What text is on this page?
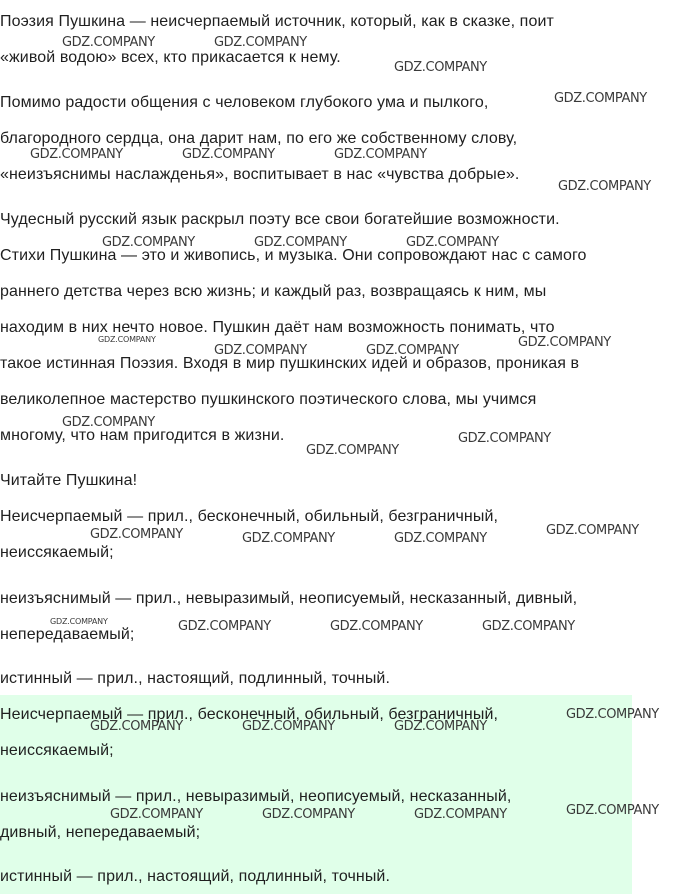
Поэзия Пушкина — неисчерпаемый источник, который, как в сказке, поит
«живой водою» всех, кто прикасается к нему.
Помимо радости общения с человеком глубокого ума и пылкого,
благородного сердца, она дарит нам, по его же собственному слову,
«неизъяснимы наслажденья», воспитывает в нас «чувства добрые».
Чудесный русский язык раскрыл поэту все свои богатейшие возможности.
Стихи Пушкина — это и живопись, и музыка. Они сопровождают нас с самого
раннего детства через всю жизнь; и каждый раз, возвращаясь к ним, мы
находим в них нечто новое. Пушкин даёт нам возможность понимать, что
такое истинная Поэзия. Входя в мир пушкинских идей и образов, проникая в
великолепное мастерство пушкинского поэтического слова, мы учимся
многому, что нам пригодится в жизни.
Читайте Пушкина!
Неисчерпаемый — прил., бесконечный, обильный, безграничный,
неиссякаемый;
неизъяснимый — прил., невыразимый, неописуемый, несказанный, дивный,
непередаваемый;
истинный — прил., настоящий, подлинный, точный.
Неисчерпаемый — прил., бесконечный, обильный, безграничный,
неиссякаемый;
неизъяснимый — прил., невыразимый, неописуемый, несказанный,
дивный, непередаваемый;
истинный — прил., настоящий, подлинный, точный.
GDZ.COMPANY	GDZ.COMPANY
GDZ.COMPANY
GDZ.COMPANY
GDZ.COMPANY	GDZ.COMPANY	GDZ.COMPANY
GDZ.COMPANY
GDZ.COMPANY	GDZ.COMPANY	GDZ.COMPANY
GDZ.COMPANY
GDZ.COMPANY
GDZ.COMPANY	GDZ.COMPANY
GDZ.COMPANY
GDZ.COMPANY
GDZ.COMPANY
GDZ.COMPANY
GDZ.COMPANY	GDZ.COMPANY	GDZ.COMPANY
GDZ.COMPANY	GDZ.COMPANY	GDZ.COMPANY	GDZ.COMPANY
GDZ.COMPANY
GDZ.COMPANY	GDZ.COMPANY	GDZ.COMPANY
GDZ.COMPANY
GDZ.COMPANY	GDZ.COMPANY	GDZ.COMPANY
